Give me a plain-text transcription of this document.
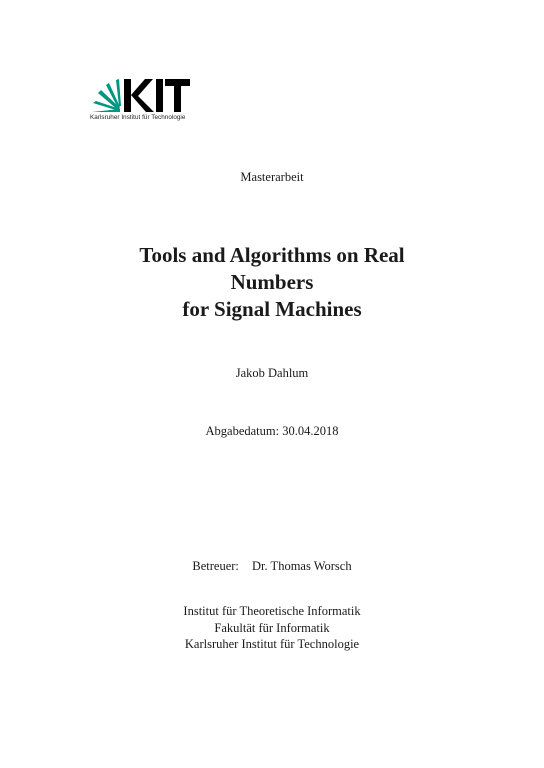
Karlsruher Institut für Technologie
Masterarbeit
Tools and Algorithms on Real
Numbers
for Signal Machines
Jakob Dahlum
Abgabedatum: 30.04.2018
Betreuer: Dr. Thomas Worsch
Institut für Theoretische Informatik
Fakultät für Informatik
Karlsruher Institut für Technologie
